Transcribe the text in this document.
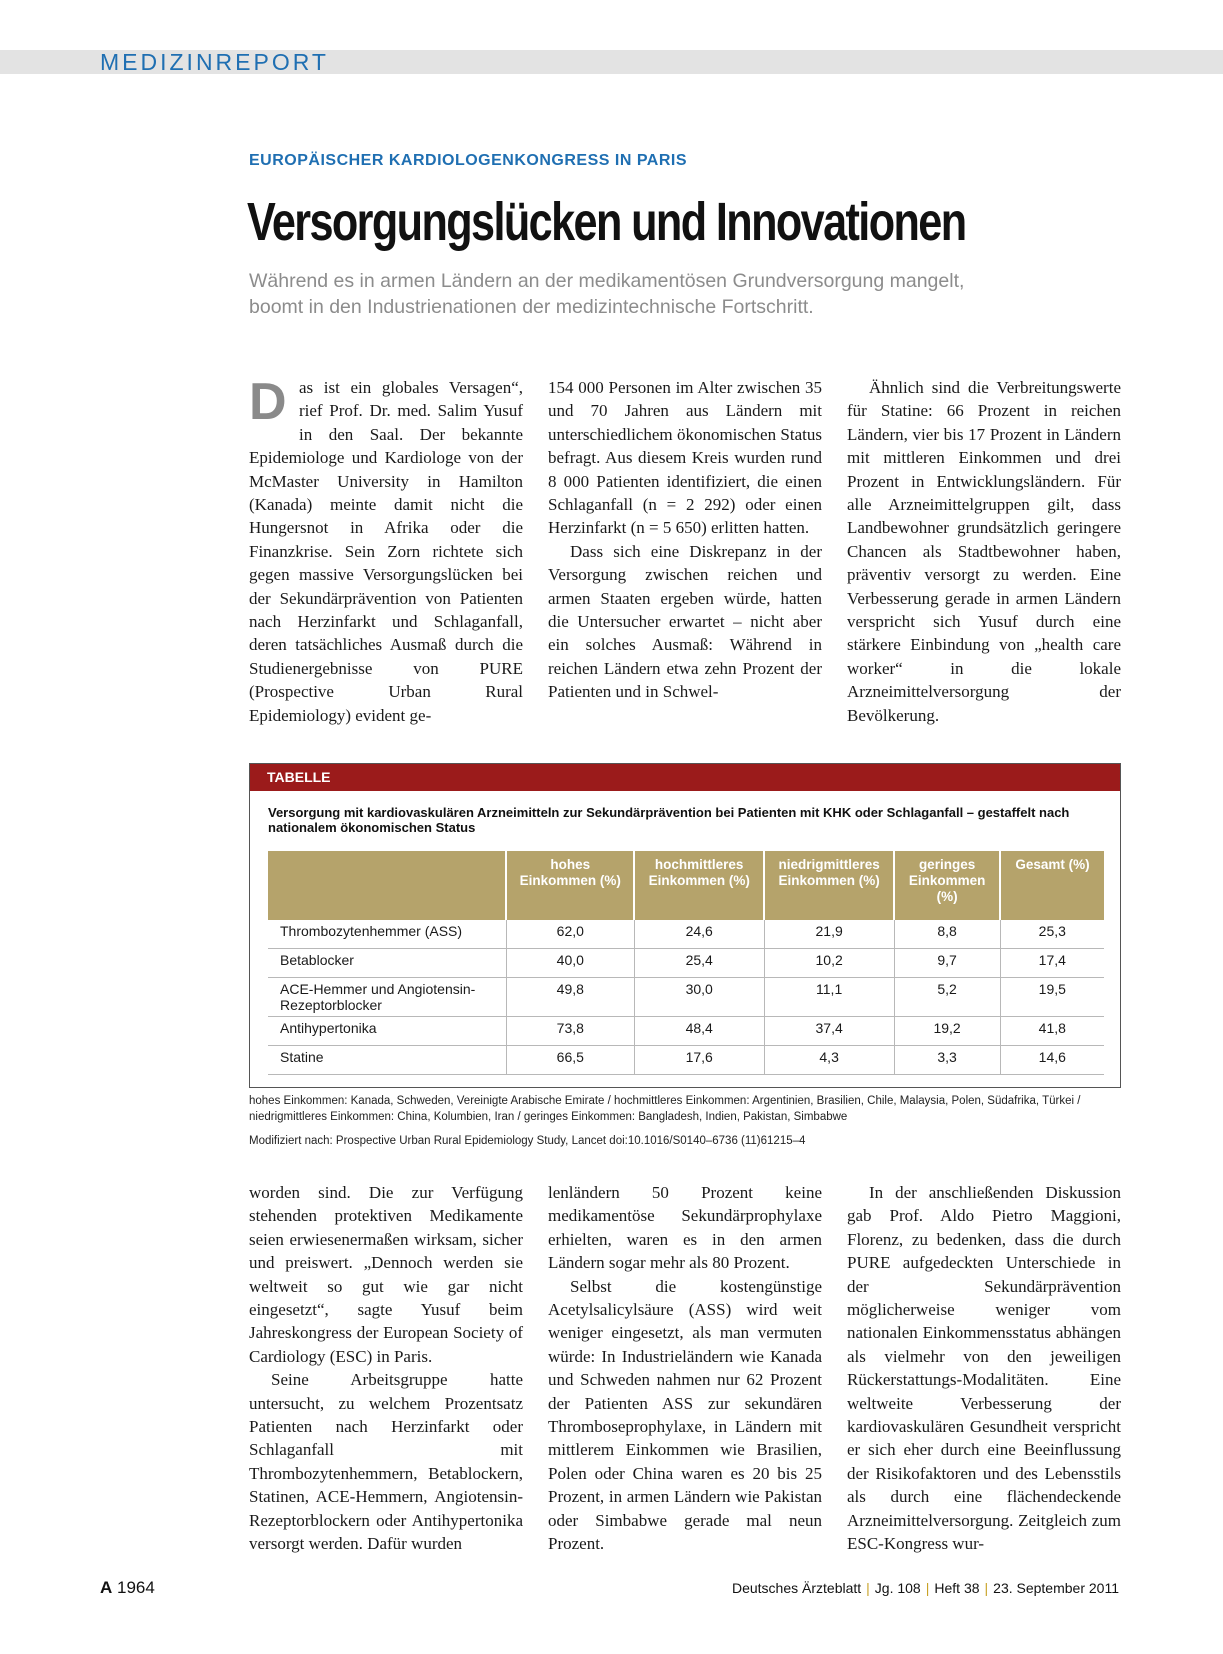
MEDIZINREPORT
EUROPÄISCHER KARDIOLOGENKONGRESS IN PARIS
Versorgungslücken und Innovationen
Während es in armen Ländern an der medikamentösen Grundversorgung mangelt,
boomt in den Industrienationen der medizintechnische Fortschritt.

Das ist ein globales Versagen“, rief Prof. Dr. med. Salim Yusuf in den Saal. Der bekannte Epidemiologe und Kardiologe von der McMaster University in Hamilton (Kanada) meinte damit nicht die Hungersnot in Afrika oder die Finanzkrise. Sein Zorn richtete sich gegen massive Versorgungslücken bei der Sekundärprävention von Patienten nach Herzinfarkt und Schlaganfall, deren tatsächliches Ausmaß durch die Studienergebnisse von PURE (Prospective Urban Rural Epidemiology) evident ge-

154 000 Personen im Alter zwischen 35 und 70 Jahren aus Ländern mit unterschiedlichem ökonomischen Status befragt. Aus diesem Kreis wurden rund 8 000 Patienten identifiziert, die einen Schlaganfall (n = 2 292) oder einen Herzinfarkt (n = 5 650) erlitten hatten.

Dass sich eine Diskrepanz in der Versorgung zwischen reichen und armen Staaten ergeben würde, hatten die Untersucher erwartet – nicht aber ein solches Ausmaß: Während in reichen Ländern etwa zehn Prozent der Patienten und in Schwel-

Ähnlich sind die Verbreitungswerte für Statine: 66 Prozent in reichen Ländern, vier bis 17 Prozent in Ländern mit mittleren Einkommen und drei Prozent in Entwicklungsländern. Für alle Arzneimittelgruppen gilt, dass Landbewohner grundsätzlich geringere Chancen als Stadtbewohner haben, präventiv versorgt zu werden. Eine Verbesserung gerade in armen Ländern verspricht sich Yusuf durch eine stärkere Einbindung von „health care worker“ in die lokale Arzneimittelversorgung der Bevölkerung.

TABELLE
Versorgung mit kardiovaskulären Arzneimitteln zur Sekundärprävention bei Patienten mit KHK oder Schlaganfall – gestaffelt nach nationalem ökonomischen Status
	hohes Einkommen (%)	hochmittleres Einkommen (%)	niedrigmittleres Einkommen (%)	geringes Einkommen (%)	Gesamt (%)
Thrombozytenhemmer (ASS)	62,0	24,6	21,9	8,8	25,3
Betablocker	40,0	25,4	10,2	9,7	17,4
ACE-Hemmer und Angiotensin-Rezeptorblocker	49,8	30,0	11,1	5,2	19,5
Antihypertonika	73,8	48,4	37,4	19,2	41,8
Statine	66,5	17,6	4,3	3,3	14,6
hohes Einkommen: Kanada, Schweden, Vereinigte Arabische Emirate / hochmittleres Einkommen: Argentinien, Brasilien, Chile, Malaysia, Polen, Südafrika, Türkei /
niedrigmittleres Einkommen: China, Kolumbien, Iran / geringes Einkommen: Bangladesh, Indien, Pakistan, Simbabwe
Modifiziert nach: Prospective Urban Rural Epidemiology Study, Lancet doi:10.1016/S0140–6736 (11)61215–4

worden sind. Die zur Verfügung stehenden protektiven Medikamente seien erwiesenermaßen wirksam, sicher und preiswert. „Dennoch werden sie weltweit so gut wie gar nicht eingesetzt“, sagte Yusuf beim Jahreskongress der European Society of Cardiology (ESC) in Paris.

Seine Arbeitsgruppe hatte untersucht, zu welchem Prozentsatz Patienten nach Herzinfarkt oder Schlaganfall mit Thrombozytenhemmern, Betablockern, Statinen, ACE-Hemmern, Angiotensin-Rezeptorblockern oder Antihypertonika versorgt werden. Dafür wurden

lenländern 50 Prozent keine medikamentöse Sekundärprophylaxe erhielten, waren es in den armen Ländern sogar mehr als 80 Prozent.

Selbst die kostengünstige Acetylsalicylsäure (ASS) wird weit weniger eingesetzt, als man vermuten würde: In Industrieländern wie Kanada und Schweden nahmen nur 62 Prozent der Patienten ASS zur sekundären Thromboseprophylaxe, in Ländern mit mittlerem Einkommen wie Brasilien, Polen oder China waren es 20 bis 25 Prozent, in armen Ländern wie Pakistan oder Simbabwe gerade mal neun Prozent.

In der anschließenden Diskussion gab Prof. Aldo Pietro Maggioni, Florenz, zu bedenken, dass die durch PURE aufgedeckten Unterschiede in der Sekundärprävention möglicherweise weniger vom nationalen Einkommensstatus abhängen als vielmehr von den jeweiligen Rückerstattungs-Modalitäten. Eine weltweite Verbesserung der kardiovaskulären Gesundheit verspricht er sich eher durch eine Beeinflussung der Risikofaktoren und des Lebensstils als durch eine flächendeckende Arzneimittelversorgung. Zeitgleich zum ESC-Kongress wur-

A 1964	Deutsches Ärzteblatt | Jg. 108 | Heft 38 | 23. September 2011
